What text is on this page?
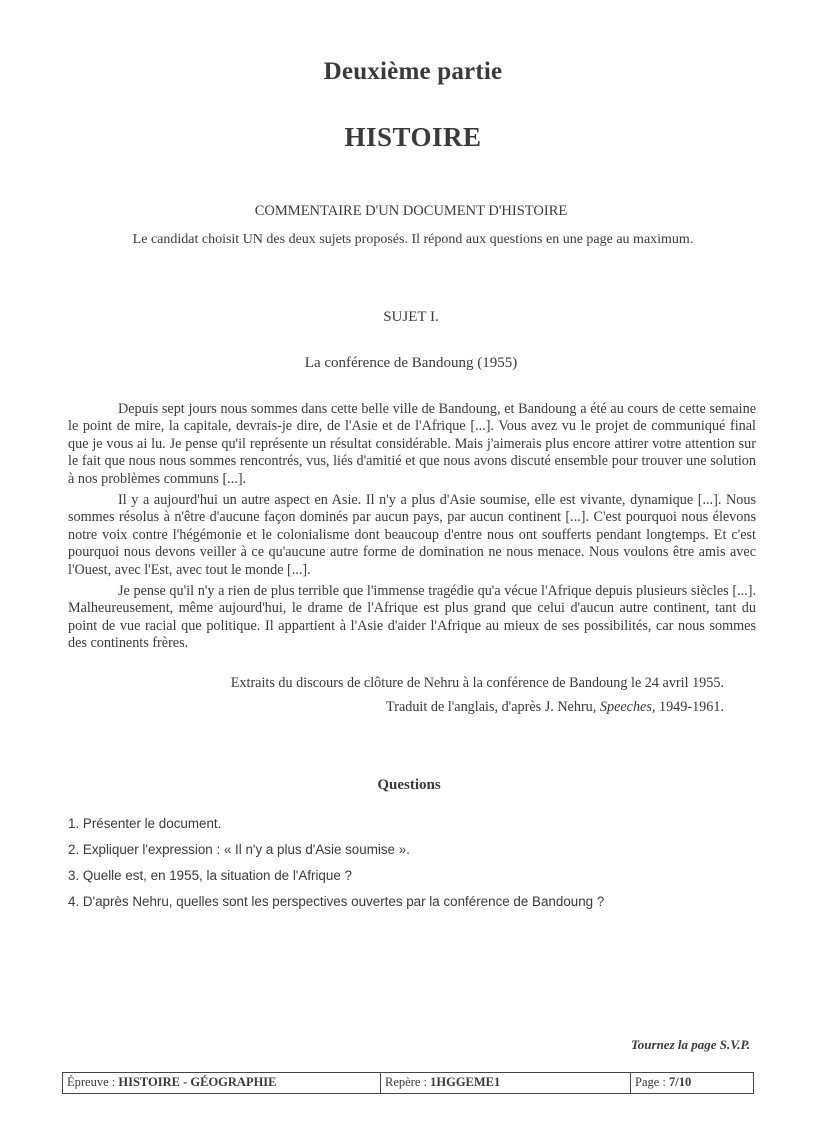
Deuxième partie
HISTOIRE
COMMENTAIRE D'UN DOCUMENT D'HISTOIRE
Le candidat choisit UN des deux sujets proposés. Il répond aux questions en une page au maximum.
SUJET I.
La conférence de Bandoung (1955)

Depuis sept jours nous sommes dans cette belle ville de Bandoung, et Bandoung a été au cours de cette semaine le point de mire, la capitale, devrais-je dire, de l'Asie et de l'Afrique [...]. Vous avez vu le projet de communiqué final que je vous ai lu. Je pense qu'il représente un résultat considérable. Mais j'aimerais plus encore attirer votre attention sur le fait que nous nous sommes rencontrés, vus, liés d'amitié et que nous avons discuté ensemble pour trouver une solution à nos problèmes communs [...].

Il y a aujourd'hui un autre aspect en Asie. Il n'y a plus d'Asie soumise, elle est vivante, dynamique [...]. Nous sommes résolus à n'être d'aucune façon dominés par aucun pays, par aucun continent [...]. C'est pourquoi nous élevons notre voix contre l'hégémonie et le colonialisme dont beaucoup d'entre nous ont soufferts pendant longtemps. Et c'est pourquoi nous devons veiller à ce qu'aucune autre forme de domination ne nous menace. Nous voulons être amis avec l'Ouest, avec l'Est, avec tout le monde [...].

Je pense qu'il n'y a rien de plus terrible que l'immense tragédie qu'a vécue l'Afrique depuis plusieurs siècles [...]. Malheureusement, même aujourd'hui, le drame de l'Afrique est plus grand que celui d'aucun autre continent, tant du point de vue racial que politique. Il appartient à l'Asie d'aider l'Afrique au mieux de ses possibilités, car nous sommes des continents frères.

Extraits du discours de clôture de Nehru à la conférence de Bandoung le 24 avril 1955.
Traduit de l'anglais, d'après J. Nehru, Speeches, 1949-1961.
Questions
1. Présenter le document.
2. Expliquer l'expression : « Il n'y a plus d'Asie soumise ».
3. Quelle est, en 1955, la situation de l'Afrique ?
4. D'après Nehru, quelles sont les perspectives ouvertes par la conférence de Bandoung ?
Tournez la page S.V.P.
Épreuve : HISTOIRE - GÉOGRAPHIE	Repère : 1HGGEME1	Page : 7/10
